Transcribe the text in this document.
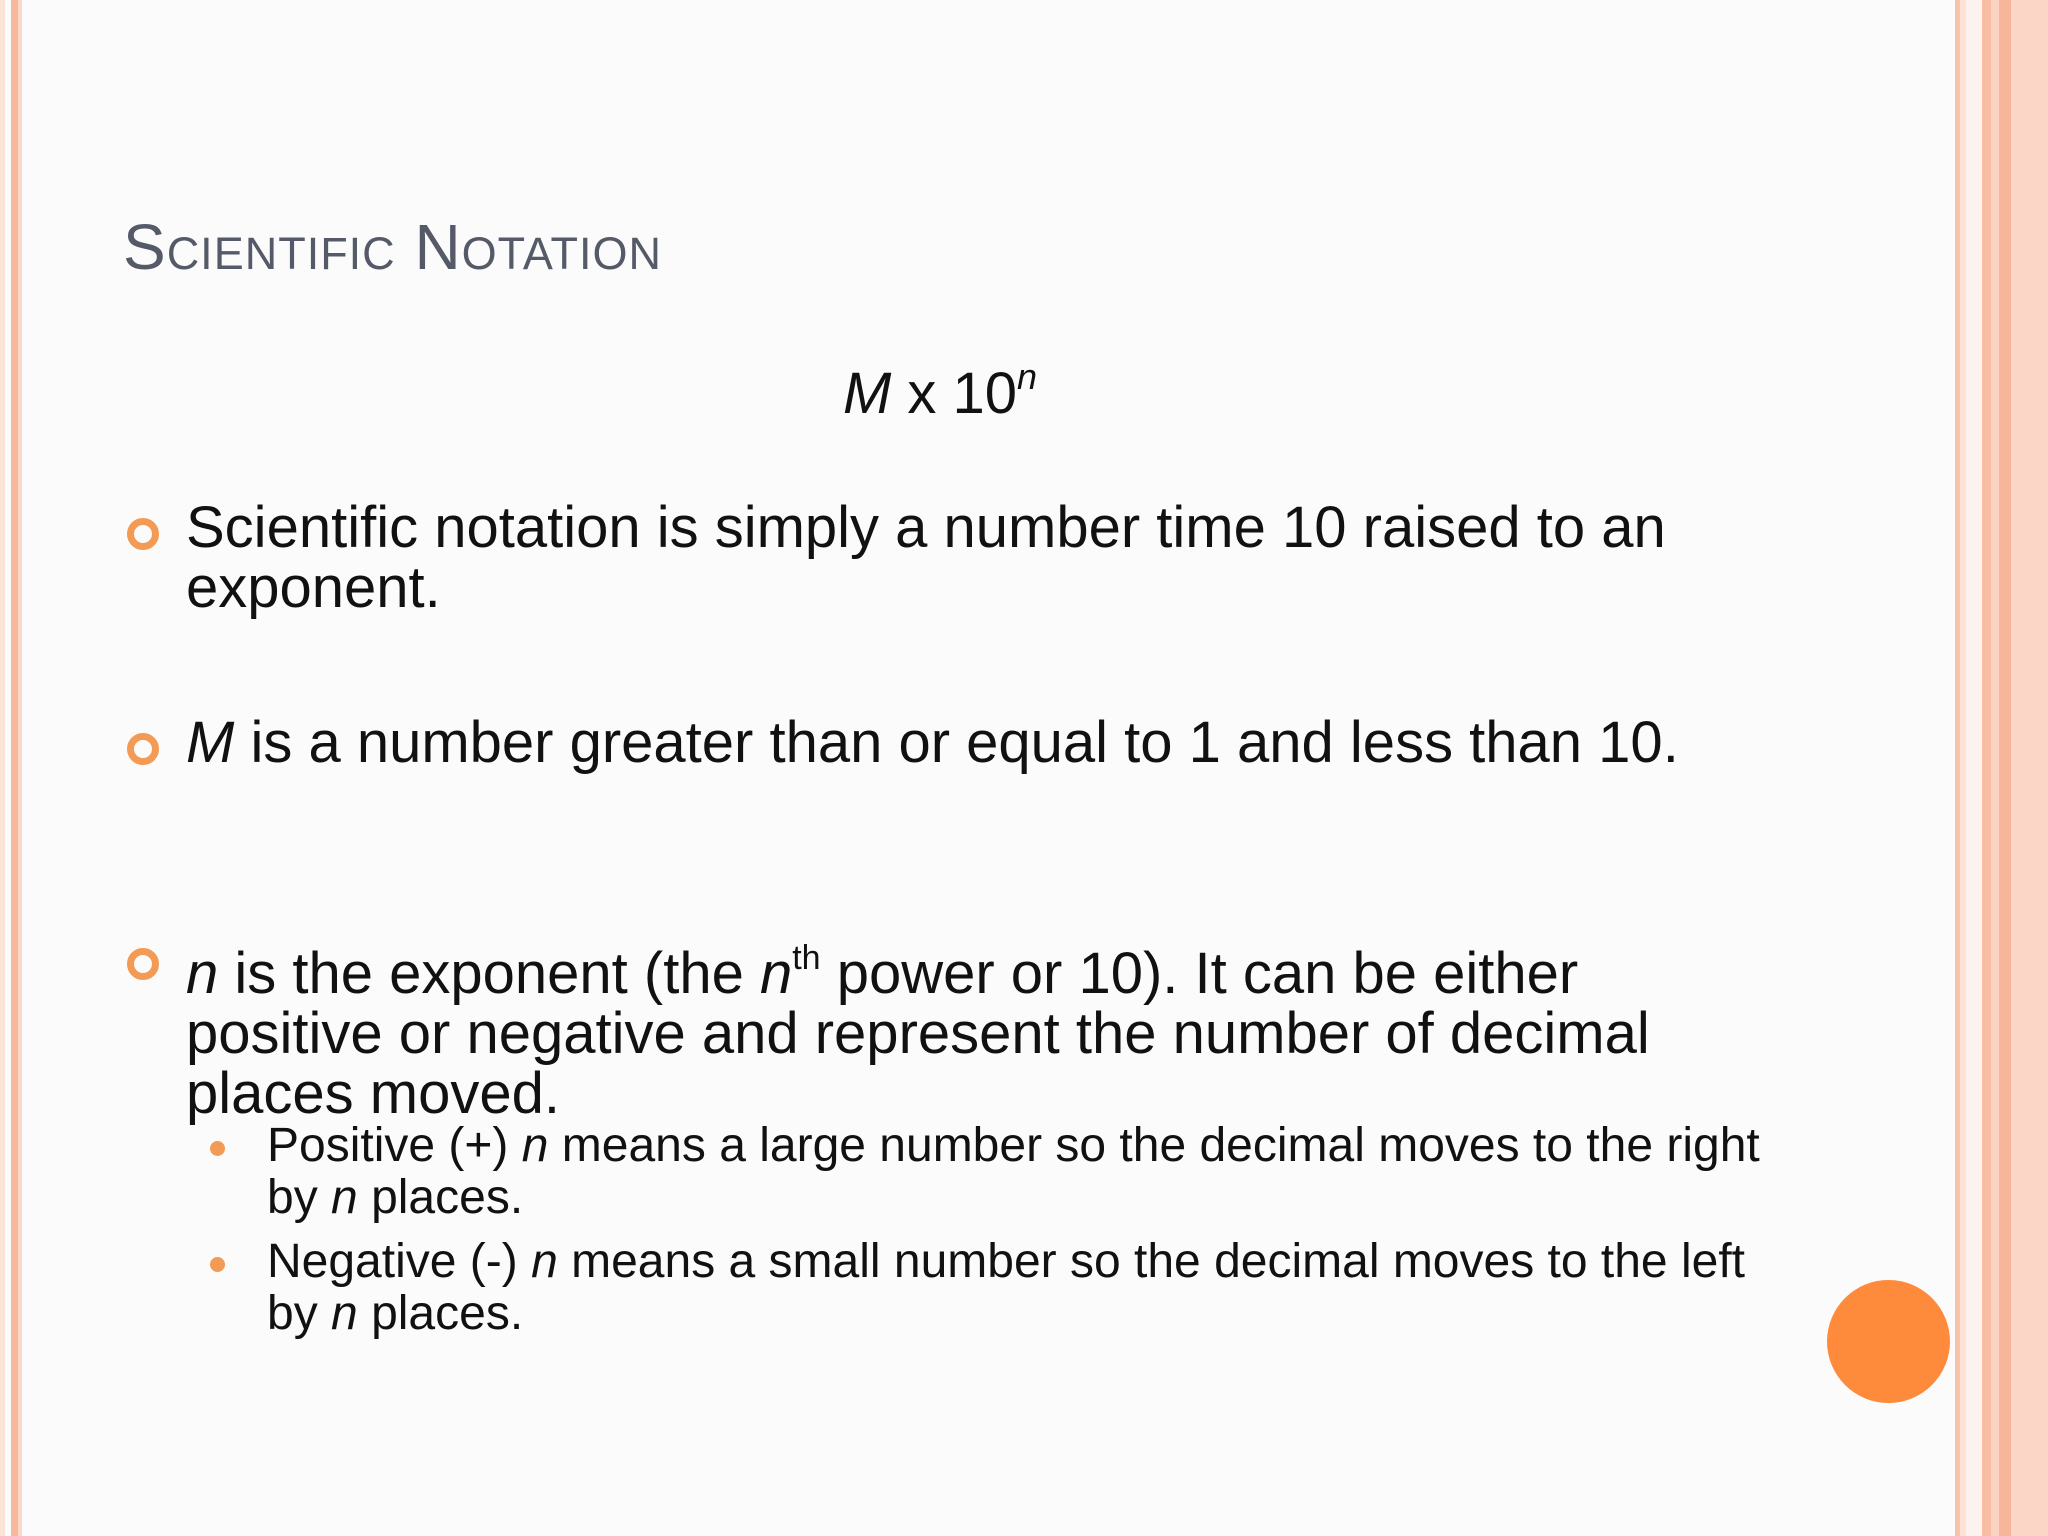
Scientific Notation
M x 10$^n$
Scientific notation is simply a number time 10 raised to an exponent.
M is a number greater than or equal to 1 and less than 10.
n is the exponent (the $n^{th}$ power or 10). It can be either positive or negative and represent the number of decimal places moved.
Positive (+) n means a large number so the decimal moves to the right by n places.
Negative (-) n means a small number so the decimal moves to the left by n places.
